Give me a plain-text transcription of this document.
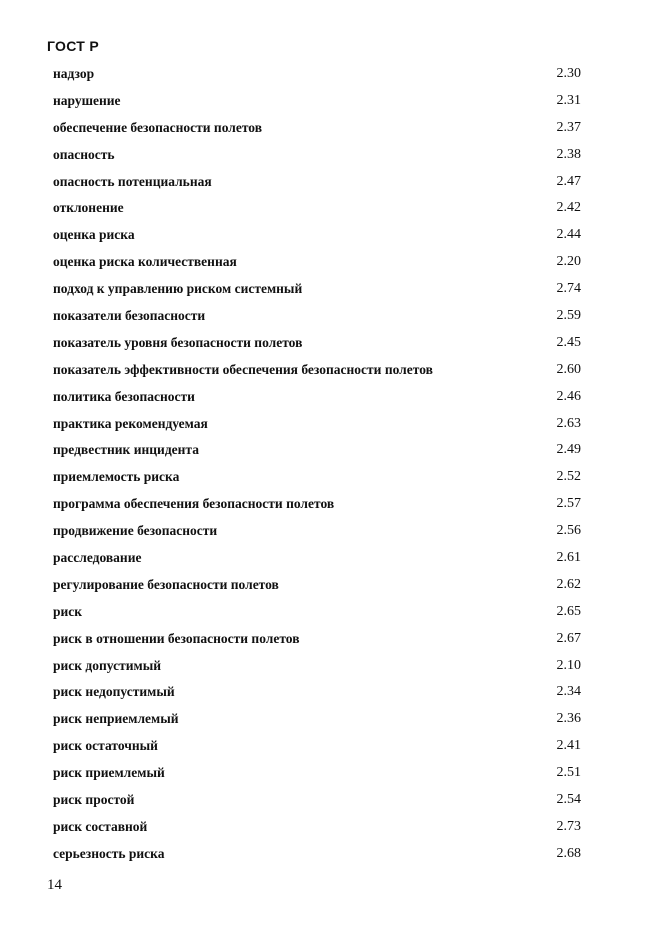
ГОСТ Р
надзор	2.30
нарушение	2.31
обеспечение безопасности полетов	2.37
опасность	2.38
опасность потенциальная	2.47
отклонение	2.42
оценка риска	2.44
оценка риска количественная	2.20
подход к управлению риском системный	2.74
показатели безопасности	2.59
показатель уровня безопасности полетов	2.45
показатель эффективности обеспечения безопасности полетов	2.60
политика безопасности	2.46
практика рекомендуемая	2.63
предвестник инцидента	2.49
приемлемость риска	2.52
программа обеспечения безопасности полетов	2.57
продвижение безопасности	2.56
расследование	2.61
регулирование безопасности полетов	2.62
риск	2.65
риск в отношении безопасности полетов	2.67
риск допустимый	2.10
риск недопустимый	2.34
риск неприемлемый	2.36
риск остаточный	2.41
риск приемлемый	2.51
риск простой	2.54
риск составной	2.73
серьезность риска	2.68
14
